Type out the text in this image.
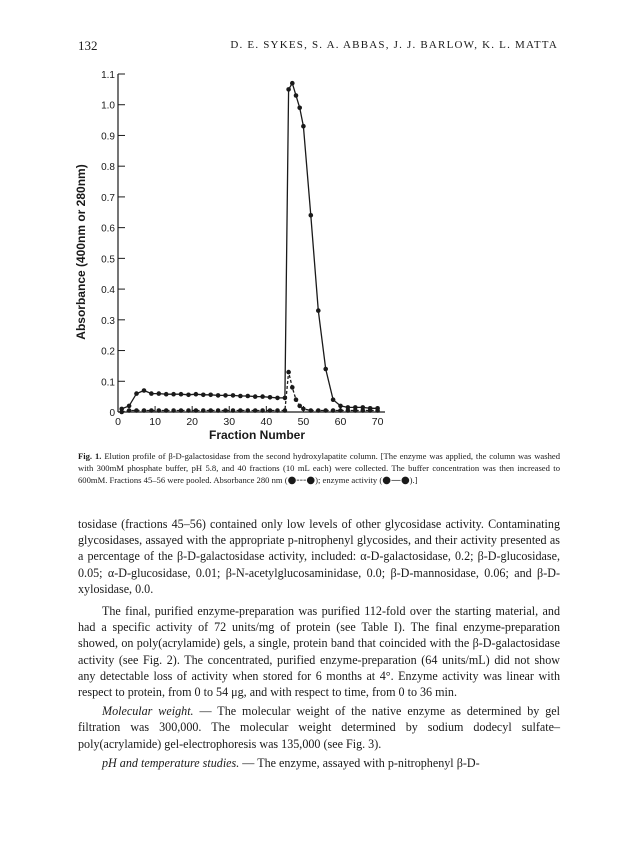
132	D. E. SYKES, S. A. ABBAS, J. J. BARLOW, K. L. MATTA
0
0.1
0.2
0.3
0.4
0.5
0.6
0.7
0.8
0.9
1.0
1.1
0	10 20 30 40 50 60 70
Fraction Number
Absorbance (400nm or 280nm)
Fig. 1. Elution profile of β-D-galactosidase from the second hydroxylapatite column. [The enzyme was applied, the column was washed with 300mM phosphate buffer, pH 5.8, and 40 fractions (10 mL each) were collected. The buffer concentration was then increased to 600mM. Fractions 45–56 were pooled. Absorbance 280 nm (●---●); enzyme activity (●—●).]

tosidase (fractions 45–56) contained only low levels of other glycosidase activity. Contaminating glycosidases, assayed with the appropriate p-nitrophenyl glycosides, and their activity presented as a percentage of the β-D-galactosidase activity, included: α-D-galactosidase, 0.2; β-D-glucosidase, 0.05; α-D-glucosidase, 0.01; β-N-acetylglucosaminidase, 0.0; β-D-mannosidase, 0.06; and β-D-xylosidase, 0.0.

The final, purified enzyme-preparation was purified 112-fold over the starting material, and had a specific activity of 72 units/mg of protein (see Table I). The final enzyme-preparation showed, on poly(acrylamide) gels, a single, protein band that coincided with the β-D-galactosidase activity (see Fig. 2). The concentrated, purified enzyme-preparation (64 units/mL) did not show any detectable loss of activity when stored for 6 months at 4°. Enzyme activity was linear with respect to protein, from 0 to 54 μg, and with respect to time, from 0 to 36 min.

Molecular weight. — The molecular weight of the native enzyme as determined by gel filtration was 300,000. The molecular weight determined by sodium dodecyl sulfate–poly(acrylamide) gel-electrophoresis was 135,000 (see Fig. 3).

pH and temperature studies. — The enzyme, assayed with p-nitrophenyl β-D-
